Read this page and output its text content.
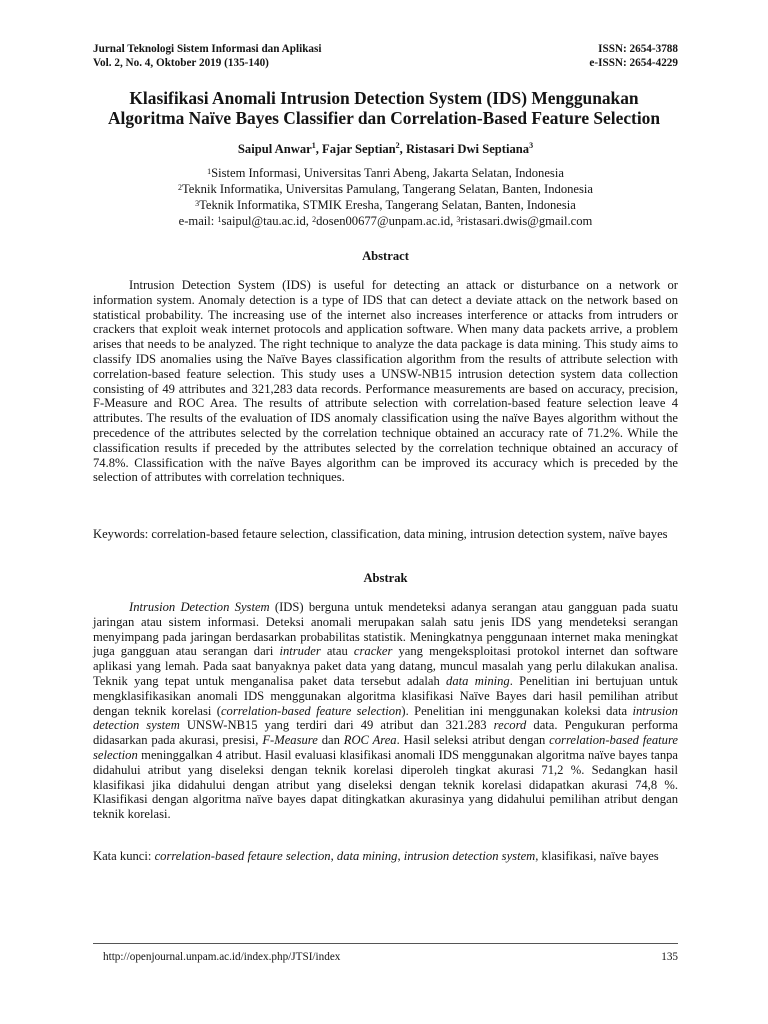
Jurnal Teknologi Sistem Informasi dan Aplikasi	ISSN: 2654-3788
Vol. 2, No. 4, Oktober 2019 (135-140)	e-ISSN: 2654-4229
Klasifikasi Anomali Intrusion Detection System (IDS) Menggunakan
Algoritma Naïve Bayes Classifier dan Correlation-Based Feature Selection
Saipul Anwar$^1$, Fajar Septian$^2$, Ristasari Dwi Septiana$^3$
$^1$Sistem Informasi, Universitas Tanri Abeng, Jakarta Selatan, Indonesia
$^2$Teknik Informatika, Universitas Pamulang, Tangerang Selatan, Banten, Indonesia
$^3$Teknik Informatika, STMIK Eresha, Tangerang Selatan, Banten, Indonesia
e-mail: $^1$saipul@tau.ac.id, $^2$dosen00677@unpam.ac.id, $^3$ristasari.dwis@gmail.com
Abstract
Intrusion Detection System (IDS) is useful for detecting an attack or disturbance on a network or information system. Anomaly detection is a type of IDS that can detect a deviate attack on the network based on statistical probability. The increasing use of the internet also increases interference or attacks from intruders or crackers that exploit weak internet protocols and application software. When many data packets arrive, a problem arises that needs to be analyzed. The right technique to analyze the data package is data mining. This study aims to classify IDS anomalies using the Naïve Bayes classification algorithm from the results of attribute selection with correlation-based feature selection. This study uses a UNSW-NB15 intrusion detection system data collection consisting of 49 attributes and 321,283 data records. Performance measurements are based on accuracy, precision, F-Measure and ROC Area. The results of attribute selection with correlation-based feature selection leave 4 attributes. The results of the evaluation of IDS anomaly classification using the naïve Bayes algorithm without the precedence of the attributes selected by the correlation technique obtained an accuracy rate of 71.2%. While the classification results if preceded by the attributes selected by the correlation technique obtained an accuracy of 74.8%. Classification with the naïve Bayes algorithm can be improved its accuracy which is preceded by the selection of attributes with correlation techniques.
Keywords: correlation-based fetaure selection, classification, data mining, intrusion detection system, naïve bayes
Abstrak
Intrusion Detection System (IDS) berguna untuk mendeteksi adanya serangan atau gangguan pada suatu jaringan atau sistem informasi. Deteksi anomali merupakan salah satu jenis IDS yang mendeteksi serangan menyimpang pada jaringan berdasarkan probabilitas statistik. Meningkatnya penggunaan internet maka meningkat juga gangguan atau serangan dari intruder atau cracker yang mengeksploitasi protokol internet dan software aplikasi yang lemah. Pada saat banyaknya paket data yang datang, muncul masalah yang perlu dilakukan analisa. Teknik yang tepat untuk menganalisa paket data tersebut adalah data mining. Penelitian ini bertujuan untuk mengklasifikasikan anomali IDS menggunakan algoritma klasifikasi Naïve Bayes dari hasil pemilihan atribut dengan teknik korelasi (correlation-based feature selection). Penelitian ini menggunakan koleksi data intrusion detection system UNSW-NB15 yang terdiri dari 49 atribut dan 321.283 record data. Pengukuran performa didasarkan pada akurasi, presisi, F-Measure dan ROC Area. Hasil seleksi atribut dengan correlation-based feature selection meninggalkan 4 atribut. Hasil evaluasi klasifikasi anomali IDS menggunakan algoritma naïve bayes tanpa didahului atribut yang diseleksi dengan teknik korelasi diperoleh tingkat akurasi 71,2 %. Sedangkan hasil klasifikasi jika didahului dengan atribut yang diseleksi dengan teknik korelasi didapatkan akurasi 74,8 %. Klasifikasi dengan algoritma naïve bayes dapat ditingkatkan akurasinya yang didahului pemilihan atribut dengan teknik korelasi.
Kata kunci: correlation-based fetaure selection, data mining, intrusion detection system, klasifikasi, naïve bayes
http://openjournal.unpam.ac.id/index.php/JTSI/index	135
